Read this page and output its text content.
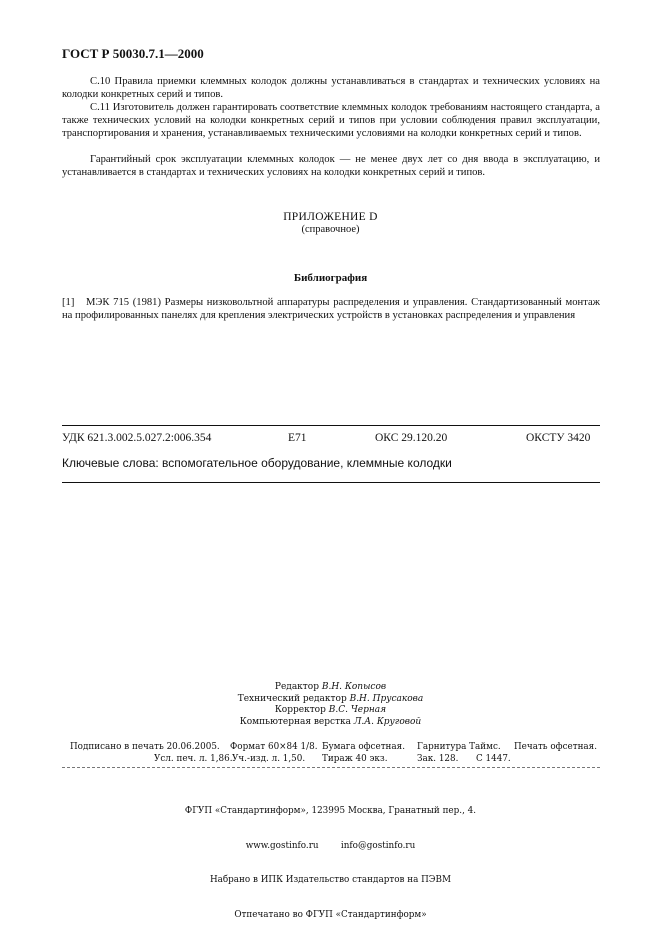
ГОСТ Р 50030.7.1—2000
С.10 Правила приемки клеммных колодок должны устанавливаться в стандартах и технических условиях на колодки конкретных серий и типов.
С.11 Изготовитель должен гарантировать соответствие клеммных колодок требованиям настоящего стандарта, а также технических условий на колодки конкретных серий и типов при условии соблюдения правил эксплуатации, транспортирования и хранения, устанавливаемых техническими условиями на колодки конкретных серий и типов.
Гарантийный срок эксплуатации клеммных колодок — не менее двух лет со дня ввода в эксплуатацию, и устанавливается в стандартах и технических условиях на колодки конкретных серий и типов.
ПРИЛОЖЕНИЕ D
(справочное)
Библиография
[1]	МЭК 715 (1981) Размеры низковольтной аппаратуры распределения и управления. Стандартизованный монтаж на профилированных панелях для крепления электрических устройств в установках распределения и управления
УДК 621.3.002.5.027.2:006.354	Е71	ОКС 29.120.20	ОКСТУ 3420
Ключевые слова: вспомогательное оборудование, клеммные колодки
Редактор В.Н. Копысов
Технический редактор В.Н. Прусакова
Корректор В.С. Черная
Компьютерная верстка Л.А. Круговой
Подписано в печать 20.06.2005. Формат 60×84 1/8. Бумага офсетная. Гарнитура Таймс. Печать офсетная.
Усл. печ. л. 1,86. Уч.-изд. л. 1,50. Тираж 40 экз.	Зак. 128. С 1447.

ФГУП «Стандартинформ», 123995 Москва, Гранатный пер., 4.

www.gostinfo.ru        info@gostinfo.ru

Набрано в ИПК Издательство стандартов на ПЭВМ

Отпечатано во ФГУП «Стандартинформ»
